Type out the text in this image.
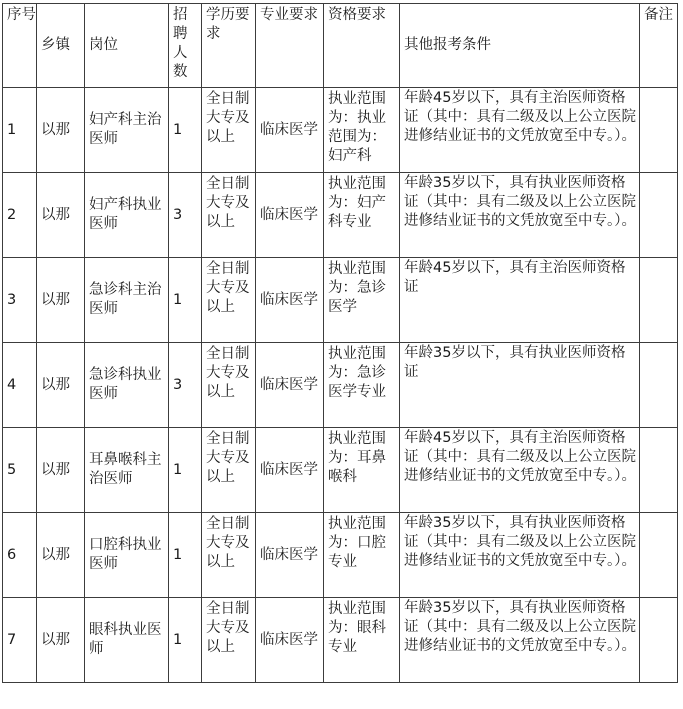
序号	乡镇	岗位	招聘人数	学历要求	专业要求	资格要求	其他报考条件	备注
1	以那	妇产科主治医师	1	全日制大专及以上	临床医学	执业范围为：执业范围为：妇产科	年龄45岁以下，具有主治医师资格证（其中：具有二级及以上公立医院进修结业证书的文凭放宽至中专。）。	
2	以那	妇产科执业医师	3	全日制大专及以上	临床医学	执业范围为：妇产科专业	年龄35岁以下，具有执业医师资格证（其中：具有二级及以上公立医院进修结业证书的文凭放宽至中专。）。	
3	以那	急诊科主治医师	1	全日制大专及以上	临床医学	执业范围为：急诊医学	年龄45岁以下，具有主治医师资格证	
4	以那	急诊科执业医师	3	全日制大专及以上	临床医学	执业范围为：急诊医学专业	年龄35岁以下，具有执业医师资格证	
5	以那	耳鼻喉科主治医师	1	全日制大专及以上	临床医学	执业范围为：耳鼻喉科	年龄45岁以下，具有主治医师资格证（其中：具有二级及以上公立医院进修结业证书的文凭放宽至中专。）。	
6	以那	口腔科执业医师	1	全日制大专及以上	临床医学	执业范围为：口腔专业	年龄35岁以下，具有执业医师资格证（其中：具有二级及以上公立医院进修结业证书的文凭放宽至中专。）。	
7	以那	眼科执业医师	1	全日制大专及以上	临床医学	执业范围为：眼科专业	年龄35岁以下，具有执业医师资格证（其中：具有二级及以上公立医院进修结业证书的文凭放宽至中专。）。	
